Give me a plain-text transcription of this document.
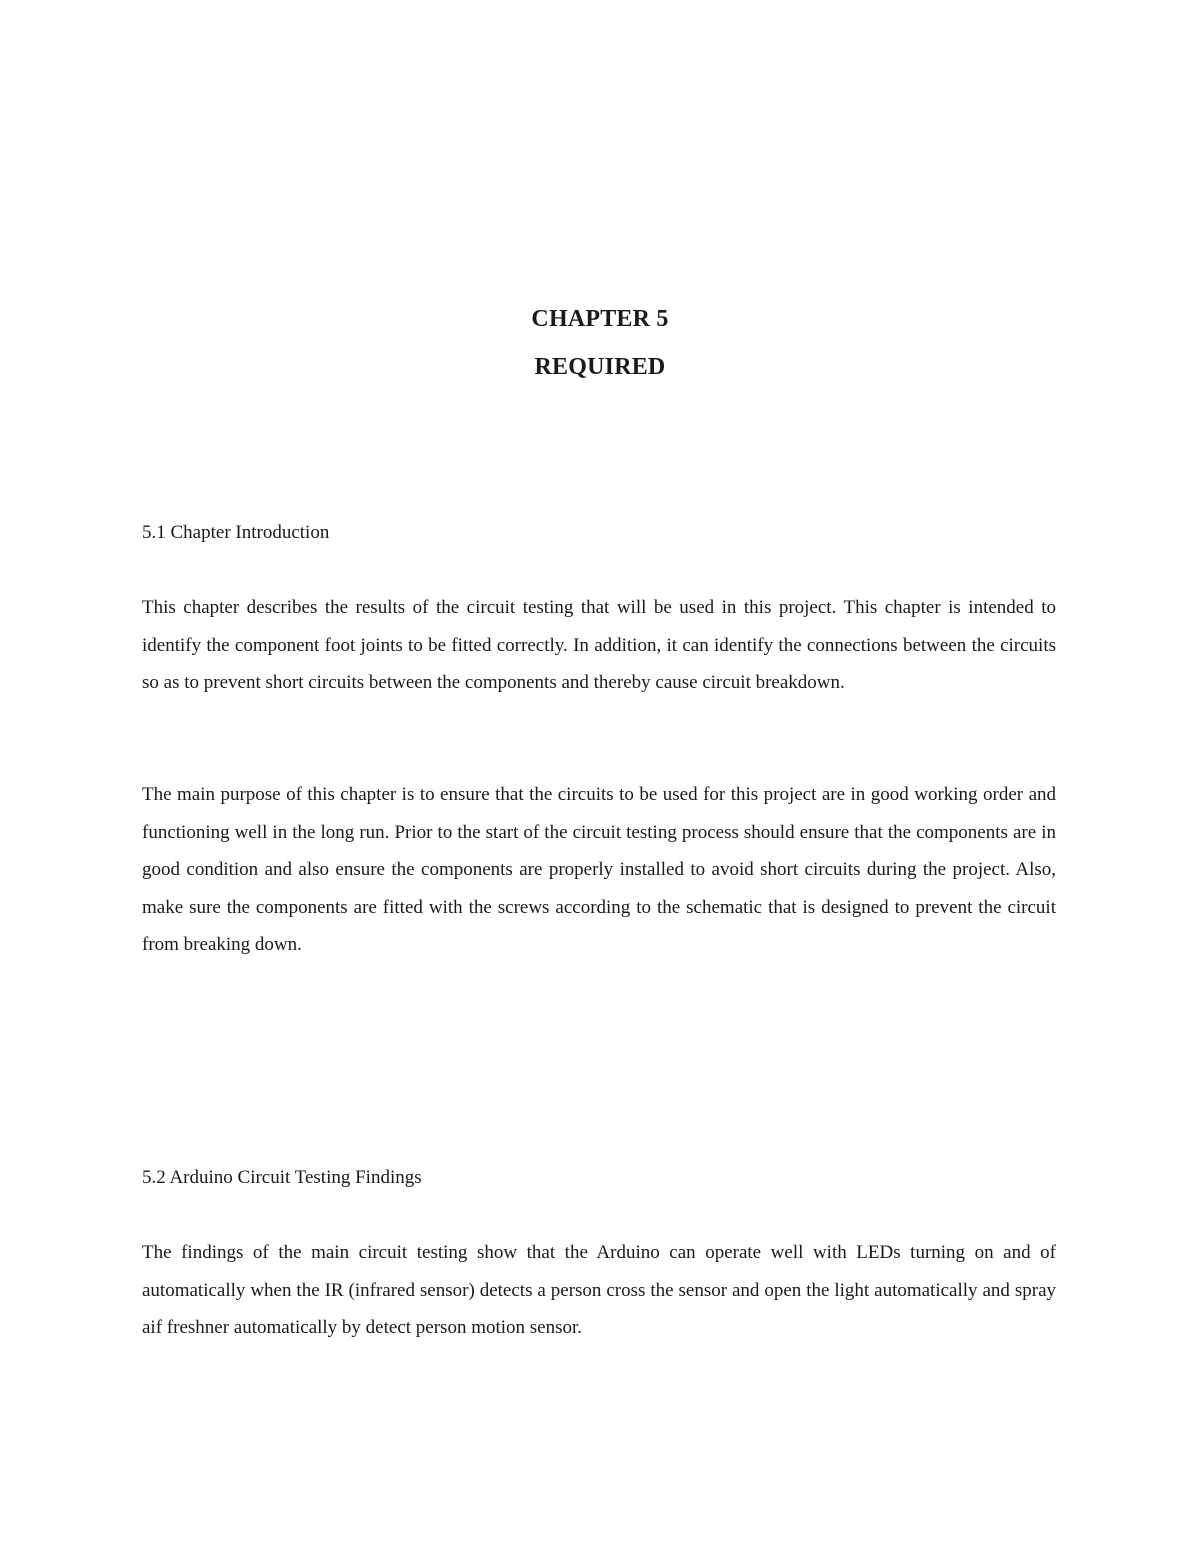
CHAPTER 5
REQUIRED
5.1 Chapter Introduction

This chapter describes the results of the circuit testing that will be used in this project. This chapter is intended to identify the component foot joints to be fitted correctly. In addition, it can identify the connections between the circuits so as to prevent short circuits between the components and thereby cause circuit breakdown.

The main purpose of this chapter is to ensure that the circuits to be used for this project are in good working order and functioning well in the long run. Prior to the start of the circuit testing process should ensure that the components are in good condition and also ensure the components are properly installed to avoid short circuits during the project. Also, make sure the components are fitted with the screws according to the schematic that is designed to prevent the circuit from breaking down.

5.2 Arduino Circuit Testing Findings

The findings of the main circuit testing show that the Arduino can operate well with LEDs turning on and of automatically when the IR (infrared sensor) detects a person cross the sensor and open the light automatically and spray aif freshner automatically by detect person motion sensor.
